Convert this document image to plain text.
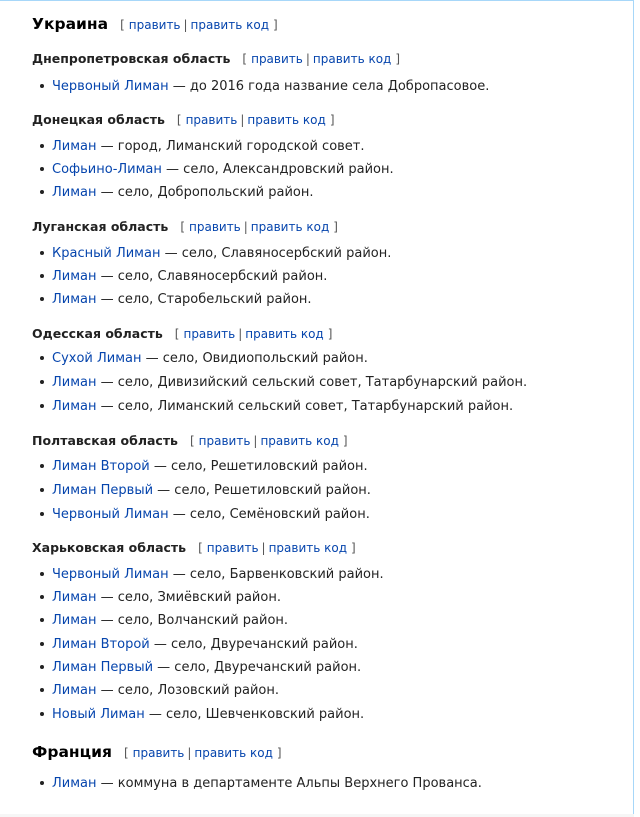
Украина [ править | править код ]
Днепропетровская область [ править | править код ]
Червоный Лиман — до 2016 года название села Добропасовое.
Донецкая область [ править | править код ]
Лиман — город, Лиманский городской совет.
Софьино-Лиман — село, Александровский район.
Лиман — село, Добропольский район.
Луганская область [ править | править код ]
Красный Лиман — село, Славяносербский район.
Лиман — село, Славяносербский район.
Лиман — село, Старобельский район.
Одесская область [ править | править код ]
Сухой Лиман — село, Овидиопольский район.
Лиман — село, Дивизийский сельский совет, Татарбунарский район.
Лиман — село, Лиманский сельский совет, Татарбунарский район.
Полтавская область [ править | править код ]
Лиман Второй — село, Решетиловский район.
Лиман Первый — село, Решетиловский район.
Червоный Лиман — село, Семёновский район.
Харьковская область [ править | править код ]
Червоный Лиман — село, Барвенковский район.
Лиман — село, Змиёвский район.
Лиман — село, Волчанский район.
Лиман Второй — село, Двуречанский район.
Лиман Первый — село, Двуречанский район.
Лиман — село, Лозовский район.
Новый Лиман — село, Шевченковский район.
Франция [ править | править код ]
Лиман — коммуна в департаменте Альпы Верхнего Прованса.
